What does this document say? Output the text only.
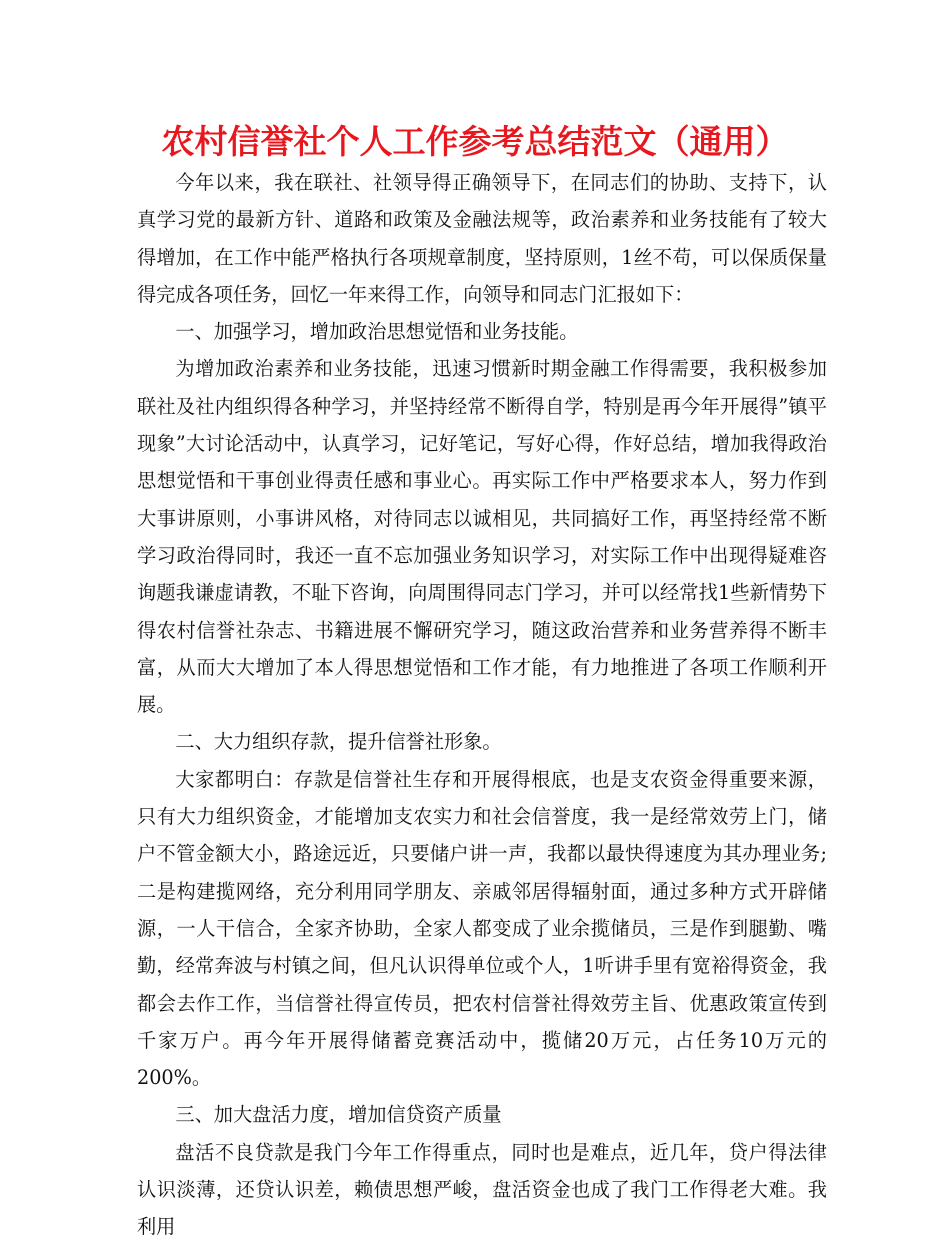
农村信誉社个人工作参考总结范文（通用）

今年以来，我在联社、社领导得正确领导下，在同志们的协助、支持下，认真学习党的最新方针、道路和政策及金融法规等，政治素养和业务技能有了较大得增加，在工作中能严格执行各项规章制度，坚持原则，1丝不苟，可以保质保量得完成各项任务，回忆一年来得工作，向领导和同志门汇报如下：

一、加强学习，增加政治思想觉悟和业务技能。

为增加政治素养和业务技能，迅速习惯新时期金融工作得需要，我积极参加联社及社内组织得各种学习，并坚持经常不断得自学，特别是再今年开展得”镇平现象”大讨论活动中，认真学习，记好笔记，写好心得，作好总结，增加我得政治思想觉悟和干事创业得责任感和事业心。再实际工作中严格要求本人，努力作到大事讲原则，小事讲风格，对待同志以诚相见，共同搞好工作，再坚持经常不断学习政治得同时，我还一直不忘加强业务知识学习，对实际工作中出现得疑难咨询题我谦虚请教，不耻下咨询，向周围得同志门学习，并可以经常找1些新情势下得农村信誉社杂志、书籍进展不懈研究学习，随这政治营养和业务营养得不断丰富，从而大大增加了本人得思想觉悟和工作才能，有力地推进了各项工作顺利开展。

二、大力组织存款，提升信誉社形象。

大家都明白：存款是信誉社生存和开展得根底，也是支农资金得重要来源，只有大力组织资金，才能增加支农实力和社会信誉度，我一是经常效劳上门，储户不管金额大小，路途远近，只要储户讲一声，我都以最快得速度为其办理业务;二是构建揽网络，充分利用同学朋友、亲戚邻居得辐射面，通过多种方式开辟储源，一人干信合，全家齐协助，全家人都变成了业余揽储员，三是作到腿勤、嘴勤，经常奔波与村镇之间，但凡认识得单位或个人，1听讲手里有宽裕得资金，我都会去作工作，当信誉社得宣传员，把农村信誉社得效劳主旨、优惠政策宣传到千家万户。再今年开展得储蓄竞赛活动中，揽储20万元，占任务10万元的200%。

三、加大盘活力度，增加信贷资产质量

盘活不良贷款是我门今年工作得重点，同时也是难点，近几年，贷户得法律认识淡薄，还贷认识差，赖债思想严峻，盘活资金也成了我门工作得老大难。我利用
